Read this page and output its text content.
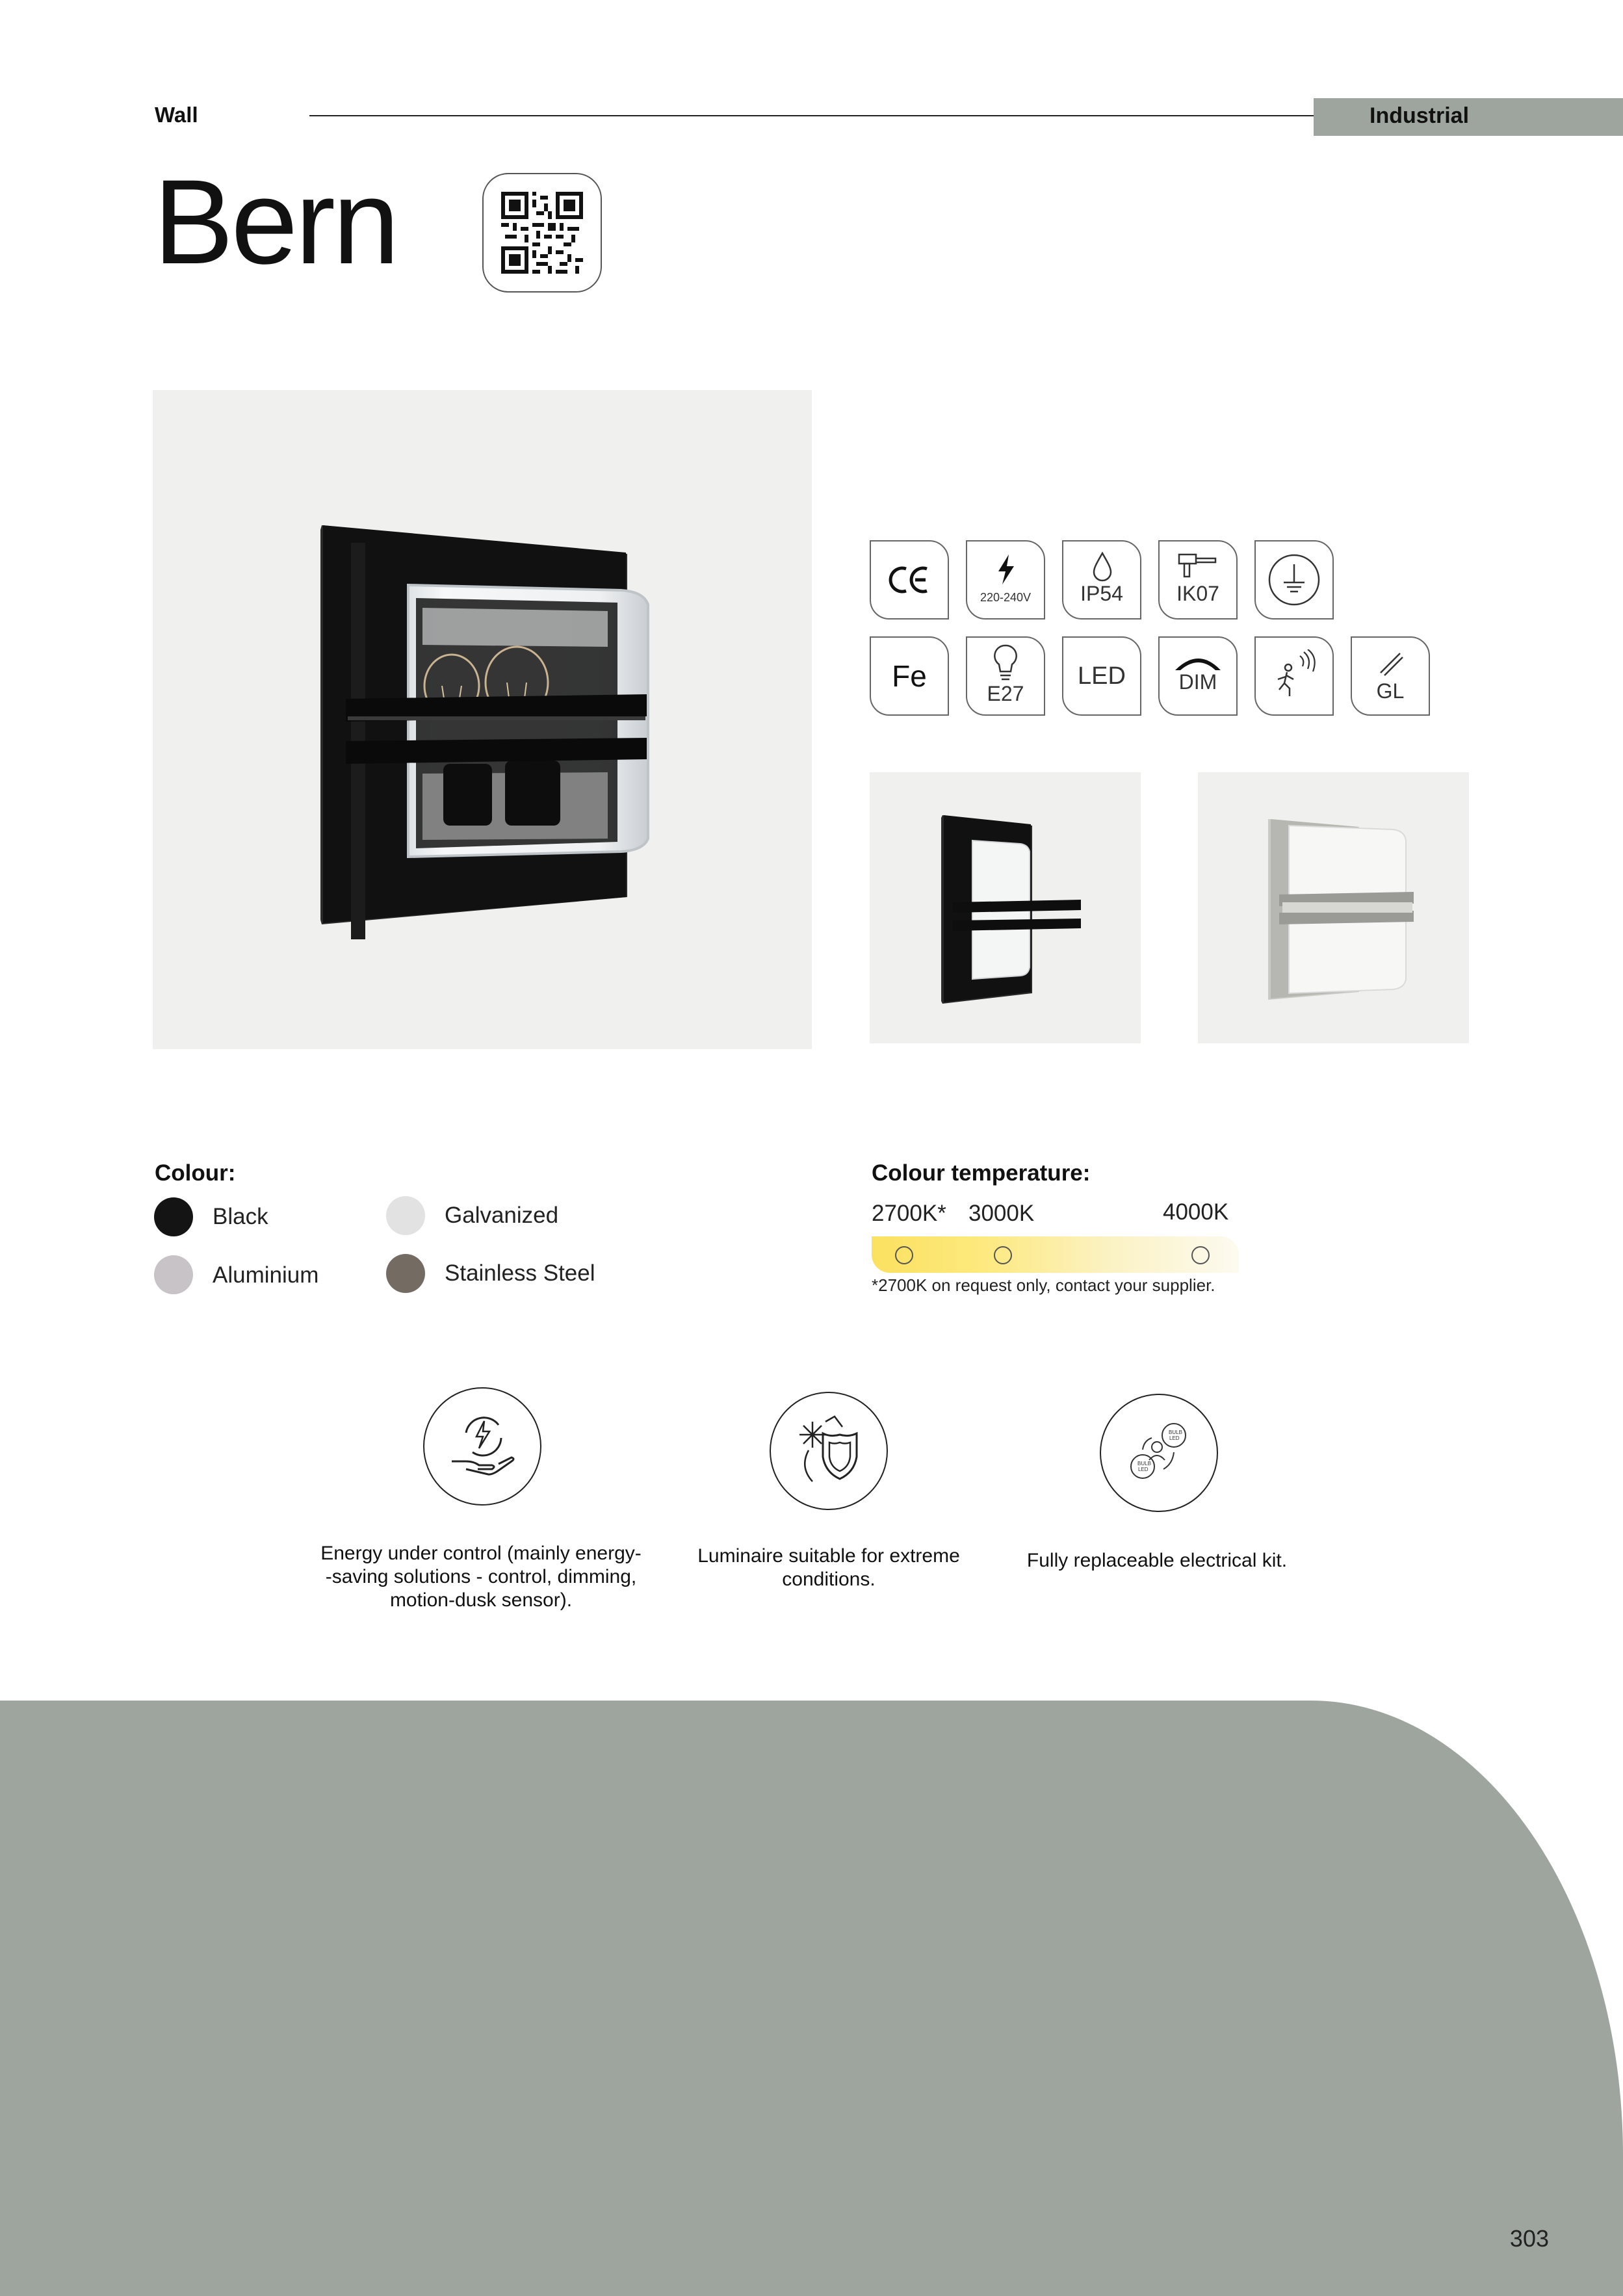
Wall	Industrial
Bern
220-240V	IP54	IK07
Fe
E27
LED	DIM	GL
Colour:
Black	Galvanized
Aluminium	Stainless Steel
Colour temperature:
2700K* 3000K	4000K
*2700K on request only, contact your supplier.
Energy under control (mainly energy-
-saving solutions - control, dimming,
motion-dusk sensor).
Luminaire suitable for extreme
conditions.
BULB
LED
BULB
LED
Fully replaceable electrical kit.
303
